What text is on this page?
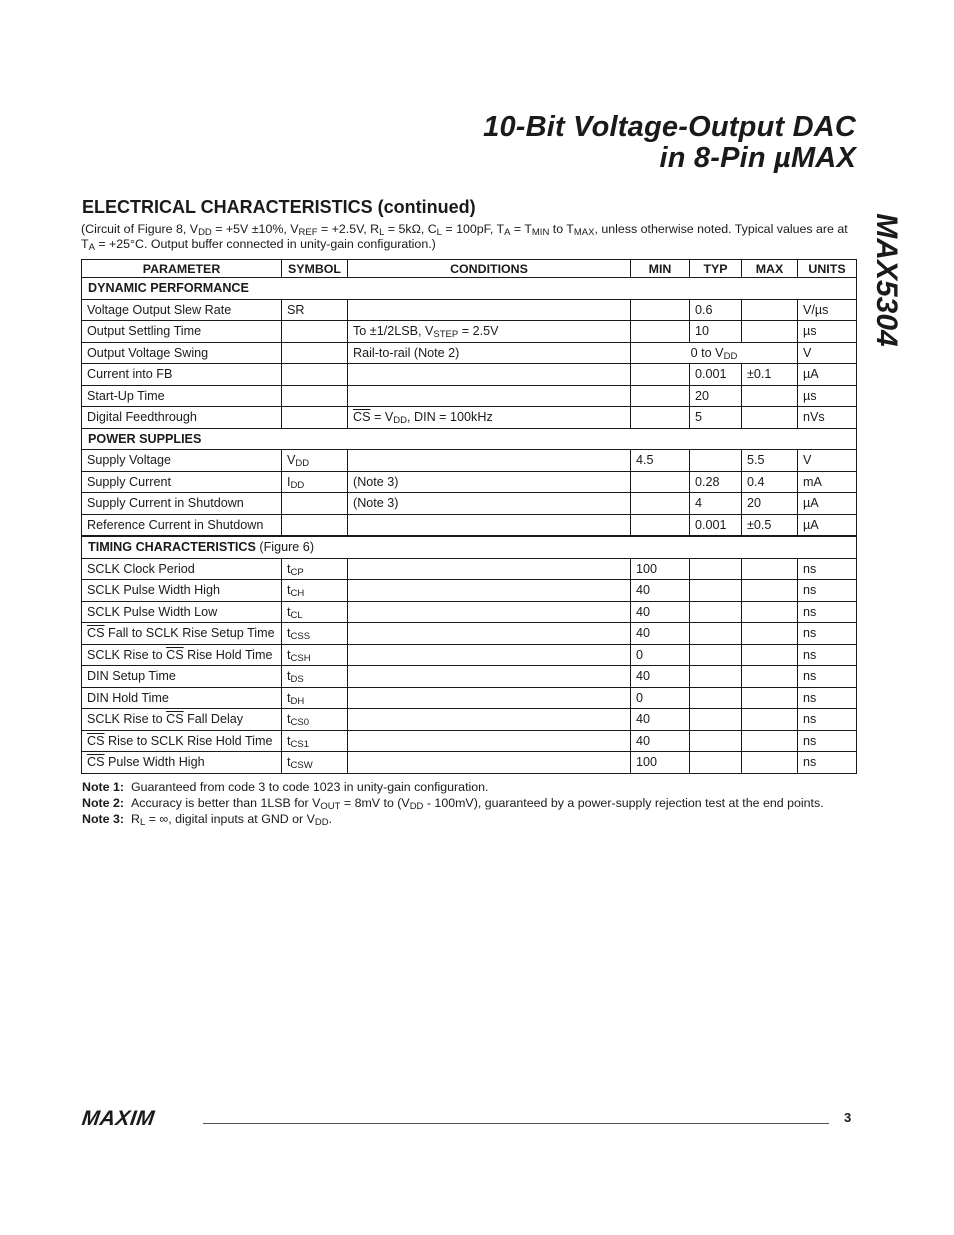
10-Bit Voltage-Output DAC
in 8-Pin µMAX
MAX5304
ELECTRICAL CHARACTERISTICS (continued)
(Circuit of Figure 8, $V_{DD} = +5V \pm 10\%$, $V_{REF} = +2.5V$, $R_L = 5k\Omega$, $C_L = 100pF$, $T_A = T_{MIN}$ to $T_{MAX}$, unless otherwise noted. Typical values are at $T_A = +25^\circ C$. Output buffer connected in unity-gain configuration.)
PARAMETER	SYMBOL	CONDITIONS	MIN	TYP	MAX	UNITS
DYNAMIC PERFORMANCE						
Voltage Output Slew Rate	SR			0.6		V/µs
Output Settling Time		To ±1/2LSB, $V_{STEP} = 2.5V$		10		µs
Output Voltage Swing		Rail-to-rail (Note 2)	0 to $V_{DD}$			V
Current into FB				0.001	±0.1	µA
Start-Up Time				20		µs
Digital Feedthrough		$\overline{CS} = V_{DD}$, DIN = 100kHz		5		nVs
POWER SUPPLIES						
Supply Voltage	$V_{DD}$		4.5		5.5	V
Supply Current	$I_{DD}$	(Note 3)		0.28	0.4	mA
Supply Current in Shutdown		(Note 3)		4	20	µA
Reference Current in Shutdown				0.001	±0.5	µA
TIMING CHARACTERISTICS (Figure 6)						
SCLK Clock Period	$t_{CP}$		100			ns
SCLK Pulse Width High	$t_{CH}$		40			ns
SCLK Pulse Width Low	$t_{CL}$		40			ns
$\overline{CS}$ Fall to SCLK Rise Setup Time	$t_{CSS}$		40			ns
SCLK Rise to $\overline{CS}$ Rise Hold Time	$t_{CSH}$		0			ns
DIN Setup Time	$t_{DS}$		40			ns
DIN Hold Time	$t_{DH}$		0			ns
SCLK Rise to $\overline{CS}$ Fall Delay	$t_{CS0}$		40			ns
$\overline{CS}$ Rise to SCLK Rise Hold Time	$t_{CS1}$		40			ns
$\overline{CS}$ Pulse Width High	$t_{CSW}$		100			ns
Note 1: Guaranteed from code 3 to code 1023 in unity-gain configuration.
Note 2: Accuracy is better than 1LSB for $V_{OUT} = 8mV$ to $(V_{DD} - 100mV)$, guaranteed by a power-supply rejection test at the end points.
Note 3: $R_L$ = ∞, digital inputs at GND or $V_{DD}$.
MAXIM	3
